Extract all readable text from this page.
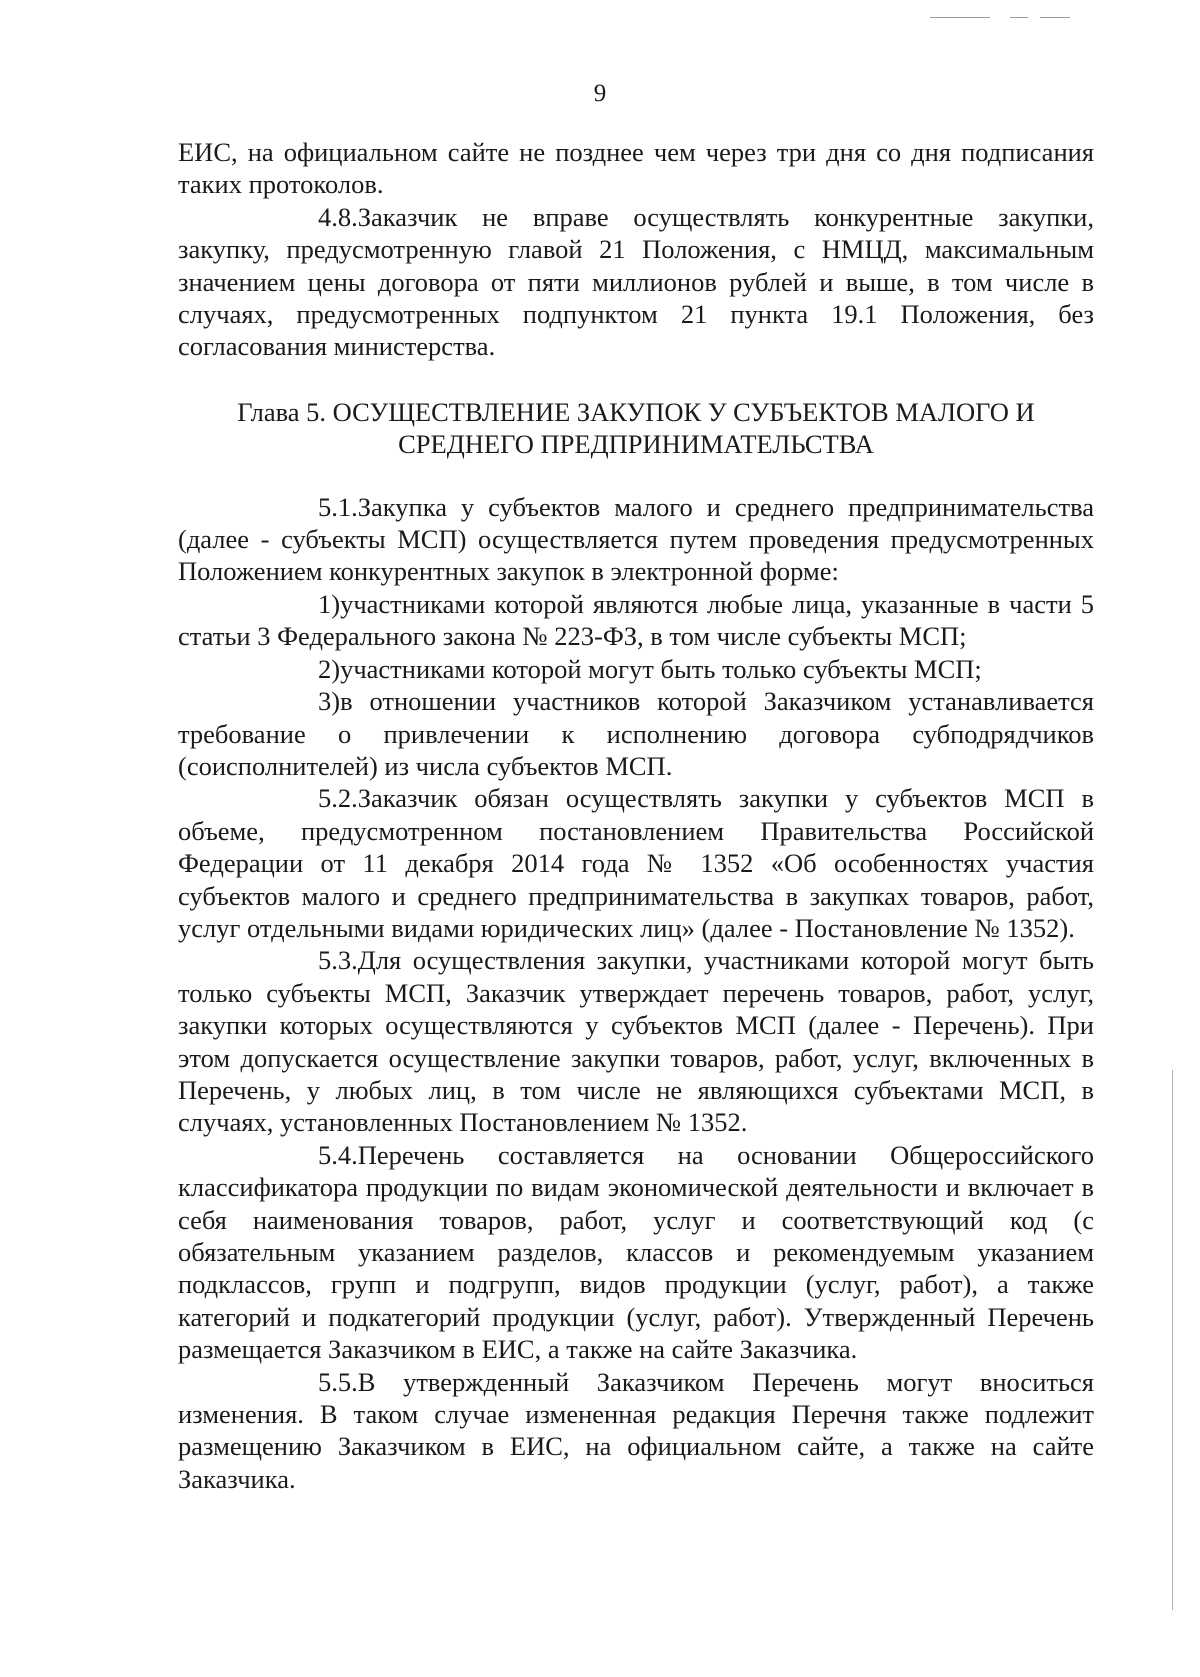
9

ЕИС, на официальном сайте не позднее чем через три дня со дня подписания таких протоколов.

4.8.Заказчик не вправе осуществлять конкурентные закупки, закупку, предусмотренную главой 21 Положения, с НМЦД, максимальным значением цены договора от пяти миллионов рублей и выше, в том числе в случаях, предусмотренных подпунктом 21 пункта 19.1 Положения, без согласования министерства.

Глава 5. ОСУЩЕСТВЛЕНИЕ ЗАКУПОК У СУБЪЕКТОВ МАЛОГО И
СРЕДНЕГО ПРЕДПРИНИМАТЕЛЬСТВА

5.1.Закупка у субъектов малого и среднего предпринимательства (далее - субъекты МСП) осуществляется путем проведения предусмотренных Положением конкурентных закупок в электронной форме:

1)участниками которой являются любые лица, указанные в части 5 статьи 3 Федерального закона № 223-ФЗ, в том числе субъекты МСП;

2)участниками которой могут быть только субъекты МСП;

3)в отношении участников которой Заказчиком устанавливается требование о привлечении к исполнению договора субподрядчиков (соисполнителей) из числа субъектов МСП.

5.2.Заказчик обязан осуществлять закупки у субъектов МСП в объеме, предусмотренном постановлением Правительства Российской Федерации от 11 декабря 2014 года № 1352 «Об особенностях участия субъектов малого и среднего предпринимательства в закупках товаров, работ, услуг отдельными видами юридических лиц» (далее - Постановление № 1352).

5.3.Для осуществления закупки, участниками которой могут быть только субъекты МСП, Заказчик утверждает перечень товаров, работ, услуг, закупки которых осуществляются у субъектов МСП (далее - Перечень). При этом допускается осуществление закупки товаров, работ, услуг, включенных в Перечень, у любых лиц, в том числе не являющихся субъектами МСП, в случаях, установленных Постановлением № 1352.

5.4.Перечень составляется на основании Общероссийского классификатора продукции по видам экономической деятельности и включает в себя наименования товаров, работ, услуг и соответствующий код (с обязательным указанием разделов, классов и рекомендуемым указанием подклассов, групп и подгрупп, видов продукции (услуг, работ), а также категорий и подкатегорий продукции (услуг, работ). Утвержденный Перечень размещается Заказчиком в ЕИС, а также на сайте Заказчика.

5.5.В утвержденный Заказчиком Перечень могут вноситься изменения. В таком случае измененная редакция Перечня также подлежит размещению Заказчиком в ЕИС, на официальном сайте, а также на сайте Заказчика.
